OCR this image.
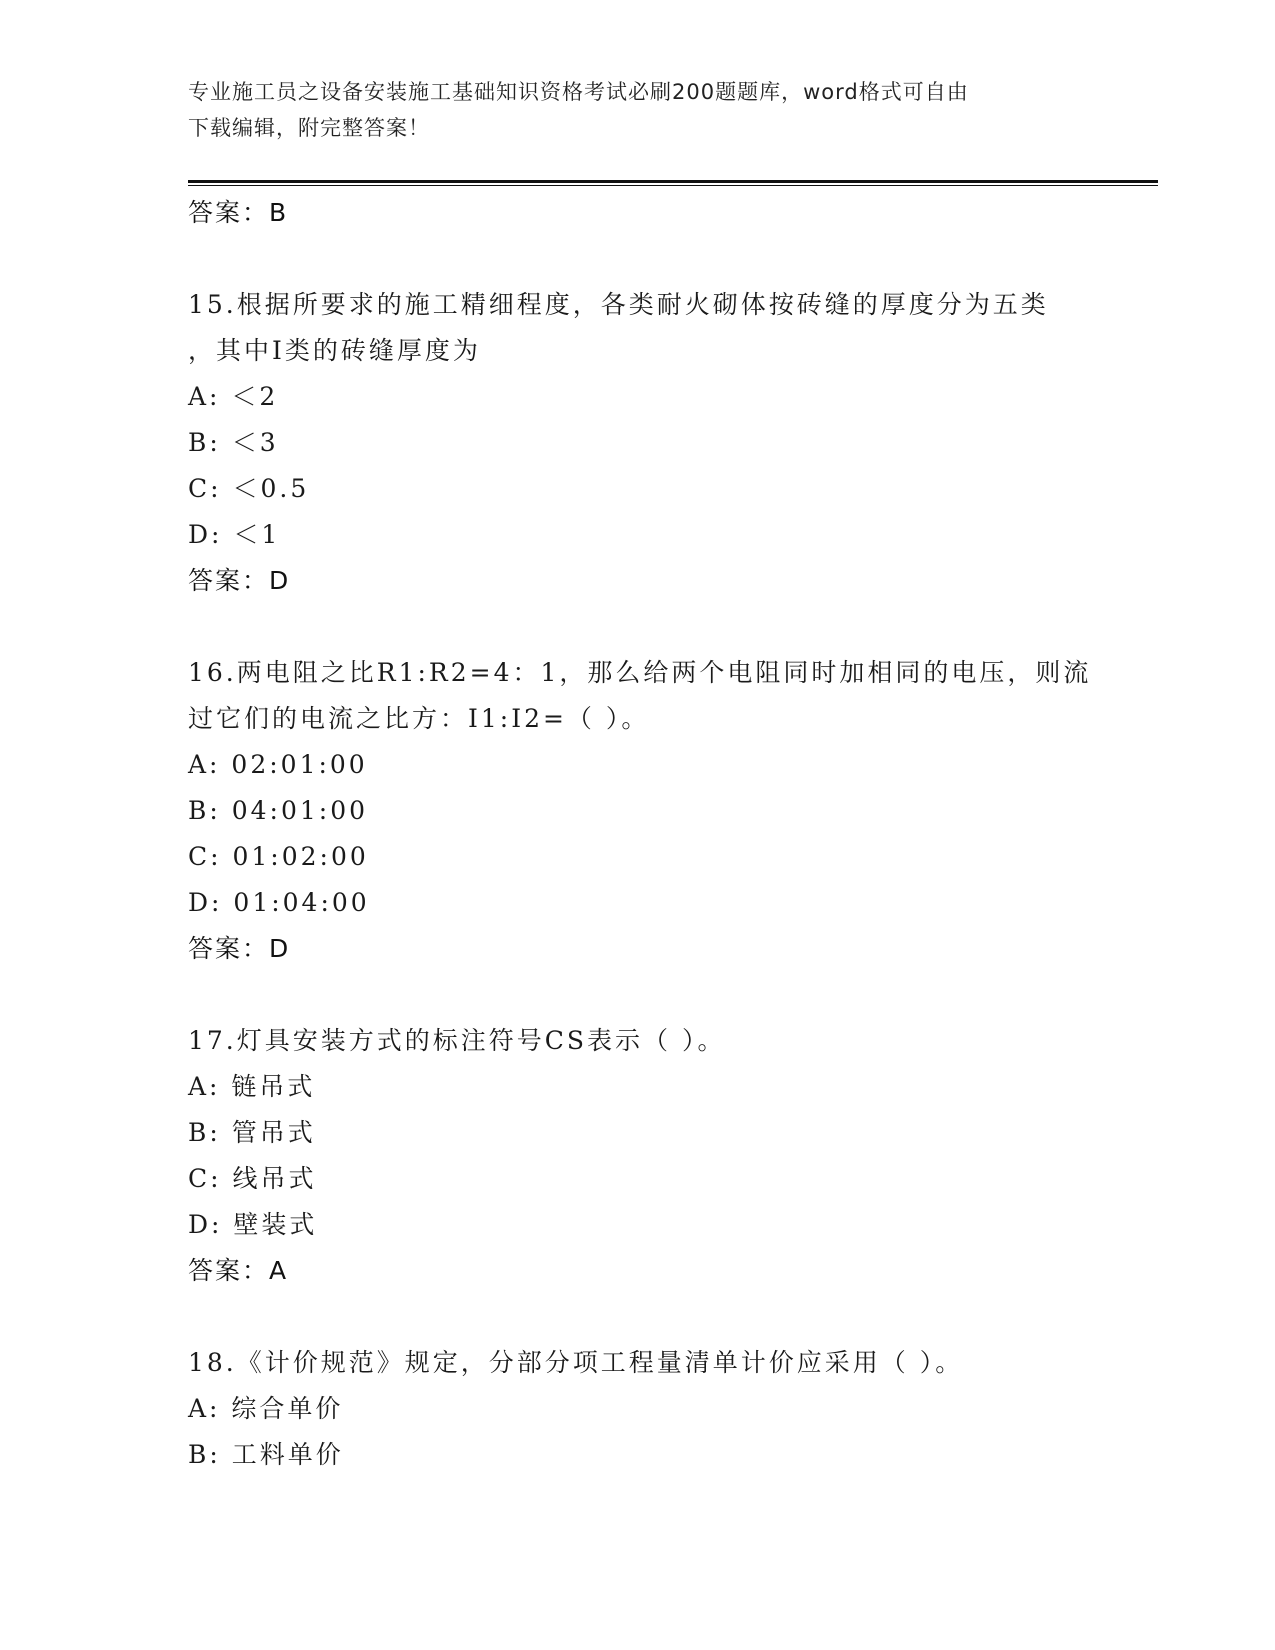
专业施工员之设备安装施工基础知识资格考试必刷200题题库，word格式可自由
下载编辑，附完整答案！
答案：B
15.根据所要求的施工精细程度，各类耐火砌体按砖缝的厚度分为五类
，其中Ⅰ类的砖缝厚度为
A: ＜2
B: ＜3
C: ＜0.5
D: ＜1
答案：D
16.两电阻之比R1:R2=4：1，那么给两个电阻同时加相同的电压，则流
过它们的电流之比方：I1:I2=（ ）。
A: 02:01:00
B: 04:01:00
C: 01:02:00
D: 01:04:00
答案：D
17.灯具安装方式的标注符号CS表示（ ）。
A: 链吊式
B: 管吊式
C: 线吊式
D: 壁装式
答案：A
18.《计价规范》规定，分部分项工程量清单计价应采用（ ）。
A: 综合单价
B: 工料单价
